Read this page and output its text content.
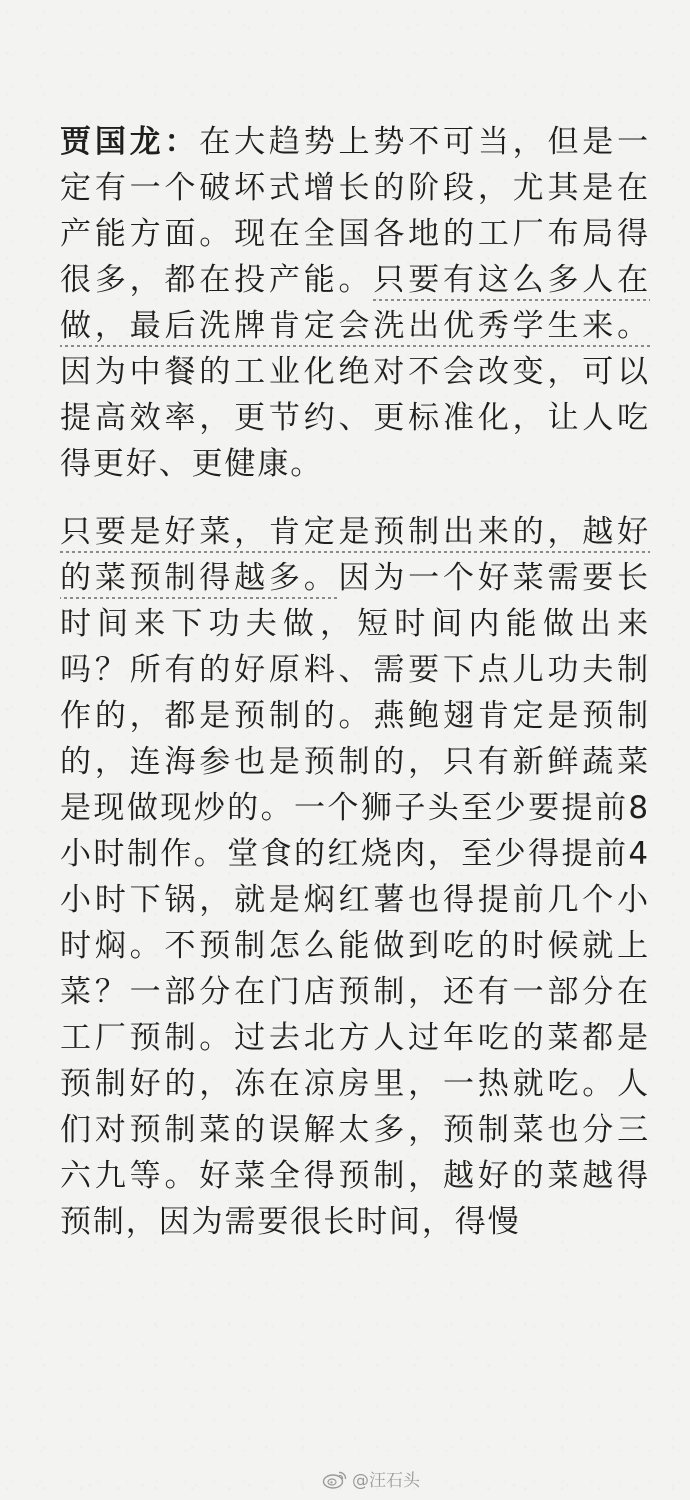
贾国龙：在大趋势上势不可当，但是一定有一个破坏式增长的阶段，尤其是在产能方面。现在全国各地的工厂布局得很多，都在投产能。只要有这么多人在做，最后洗牌肯定会洗出优秀学生来。因为中餐的工业化绝对不会改变，可以提高效率，更节约、更标准化，让人吃得更好、更健康。

只要是好菜，肯定是预制出来的，越好的菜预制得越多。因为一个好菜需要长时间来下功夫做，短时间内能做出来吗？所有的好原料、需要下点儿功夫制作的，都是预制的。燕鲍翅肯定是预制的，连海参也是预制的，只有新鲜蔬菜是现做现炒的。一个狮子头至少要提前8小时制作。堂食的红烧肉，至少得提前4小时下锅，就是焖红薯也得提前几个小时焖。不预制怎么能做到吃的时候就上菜？一部分在门店预制，还有一部分在工厂预制。过去北方人过年吃的菜都是预制好的，冻在凉房里，一热就吃。人们对预制菜的误解太多，预制菜也分三六九等。好菜全得预制，越好的菜越得预制，因为需要很长时间，得慢

@汪石头
